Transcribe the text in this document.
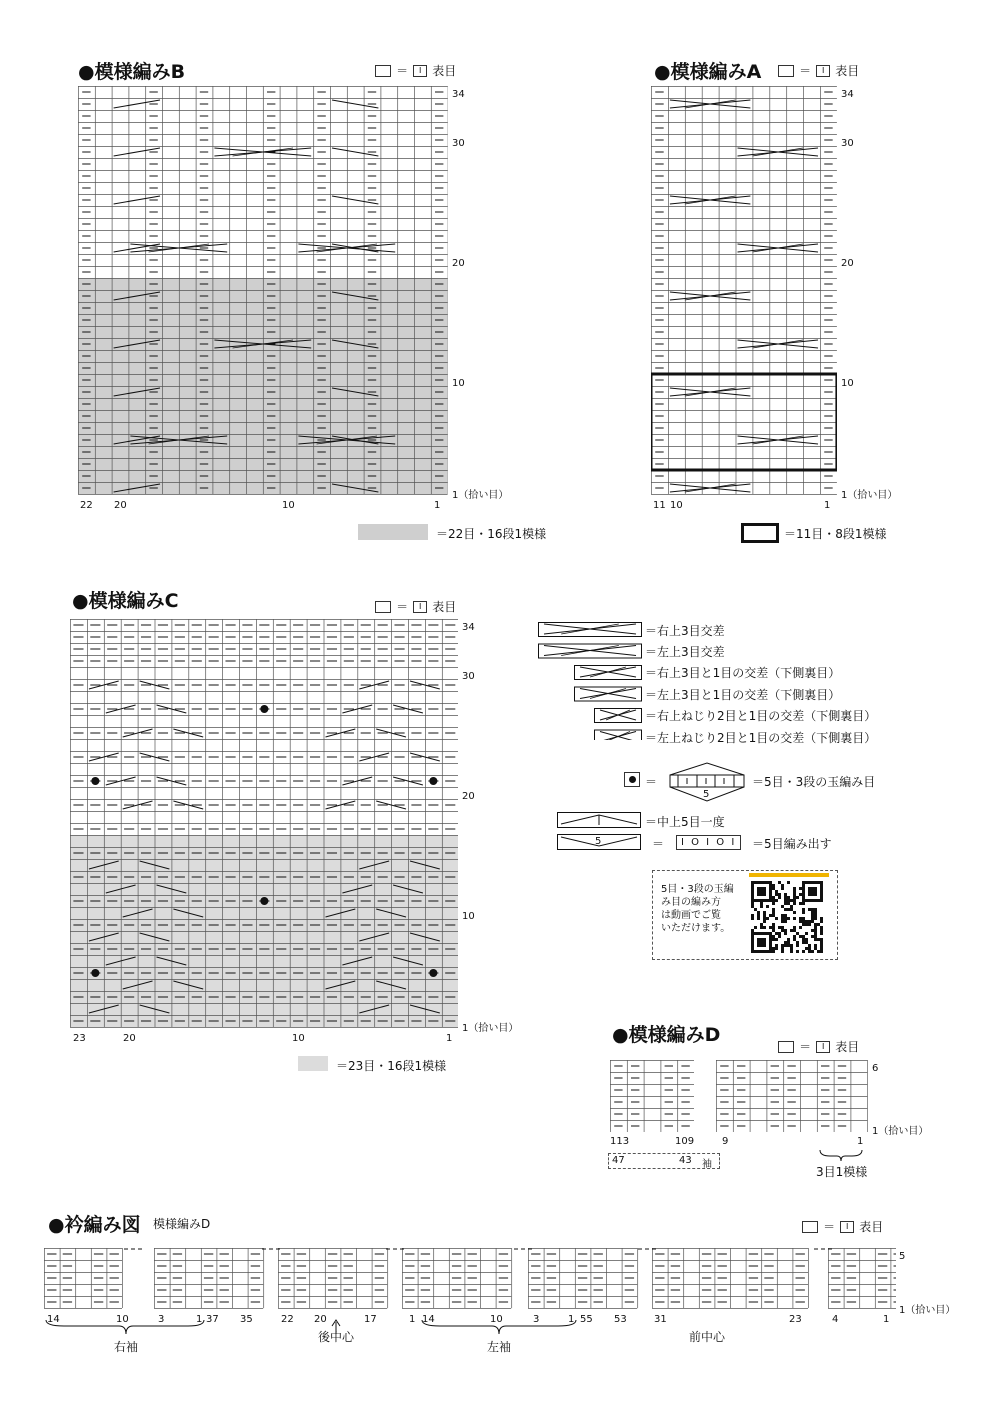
●模様編みB	＝ I 表目
34
30
20
10
1（拾い目）
22 20	10	1
＝22目・16段1模様
●模様編みA	＝ I 表目
34
30
20
10
1（拾い目）
11 10	1
＝11目・8段1模様
●模様編みC	＝ I 表目
34
30
20
10
1（拾い目）
23	20	10	1
＝23目・16段1模様
＝右上3目交差
＝左上3目交差
＝右上3目と1目の交差（下側裏目）
＝左上3目と1目の交差（下側裏目）
＝右上ねじり2目と1目の交差（下側裏目）
＝左上ねじり2目と1目の交差（下側裏目）
＝
5
＝5目・3段の玉編み目
＝中上5目一度
5	＝	I O I O I	＝5目編み出す
5目・3段の玉編
み目の編み方
は動画でご覧
いただけます。
●模様編みD
＝ I 表目
6
1（拾い目）
113	109	9	1
47	43 袖
3目1模様
●衿編み図 模様編みD	＝ I 表目
5
1（拾い目）
14	10	3	1 37 35	22 20	17	1 14	10	3	1 55 53	31	23	4	1
右袖
後中心
左袖
前中心
